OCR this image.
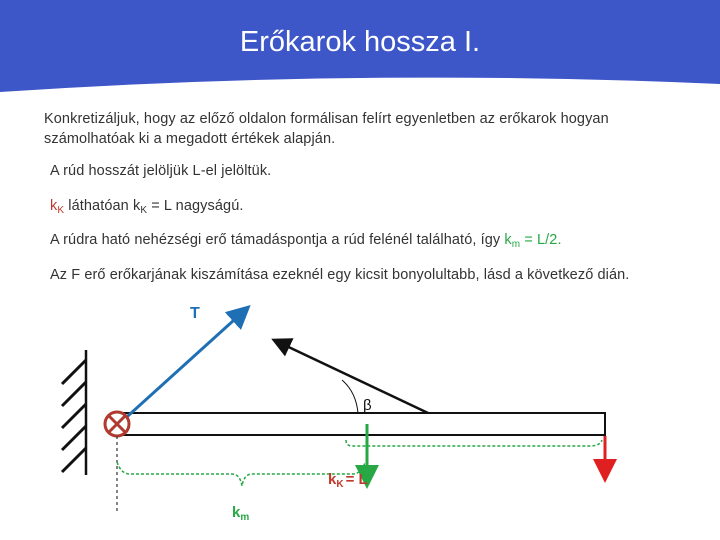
Erőkarok hossza I.
Konkretizáljuk, hogy az előző oldalon formálisan felírt egyenletben az erőkarok hogyan számolhatóak ki a megadott értékek alapján.
A rúd hosszát jelöljük L-el jelöltük.
$k_K$ láthatóan $k_K = L$ nagyságú.
A rúdra ható nehézségi erő támadáspontja a rúd felénél található, így $k_m = L/2$.
Az F erő erőkarjának kiszámítása ezeknél egy kicsit bonyolultabb, lásd a következő dián.
T
β
$k_K = L$
$k_m$
